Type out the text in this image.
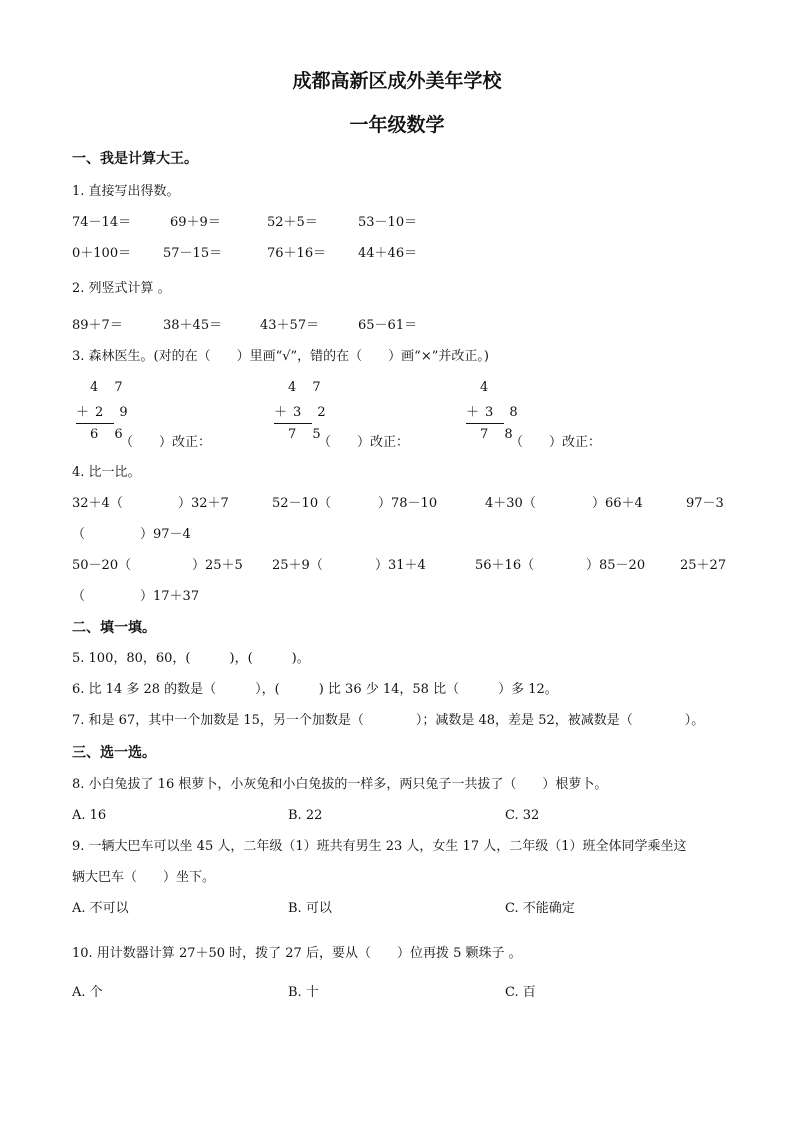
成都高新区成外美年学校
一年级数学
一、我是计算大王。
1. 直接写出得数。
74－14＝	69＋9＝	52＋5＝	53－10＝
0＋100＝ 57－15＝	76＋16＝ 44＋46＝
2. 列竖式计算 。
89＋7＝	38＋45＝	43＋57＝	65－61＝
3. 森林医生。(对的在（　　）里画“√”，错的在（　　）画“×”并改正。)
4 7
＋2 9
6 6
（　　）改正：
4 7
＋3 2
7 5
（　　）改正：
4
＋3 8
7 8
（　　）改正：
4. 比一比。
32＋4（	）32＋7	52－10（	）78－10	4＋30（	）66＋4	97－3
（	）97－4
50－20（	）25＋5 25＋9（	）31＋4	56＋16（	）85－20	25＋27
（	）17＋37
二、填一填。
5. 100，80，60，(　　　)，(　　　)。
6. 比 14 多 28 的数是（　　　），(　　　) 比 36 少 14，58 比（　　　）多 12。
7. 和是 67，其中一个加数是 15，另一个加数是（　　　　）；减数是 48，差是 52，被减数是（　　　　）。
三、选一选。
8. 小白兔拔了 16 根萝卜，小灰兔和小白兔拔的一样多，两只兔子一共拔了（　　）根萝卜。
A. 16	B. 22	C. 32
9. 一辆大巴车可以坐 45 人，二年级（1）班共有男生 23 人，女生 17 人，二年级（1）班全体同学乘坐这
辆大巴车（　　）坐下。
A. 不可以	B. 可以	C. 不能确定
10. 用计数器计算 27＋50 时，拨了 27 后，要从（　　）位再拨 5 颗珠子 。
A. 个	B. 十	C. 百
